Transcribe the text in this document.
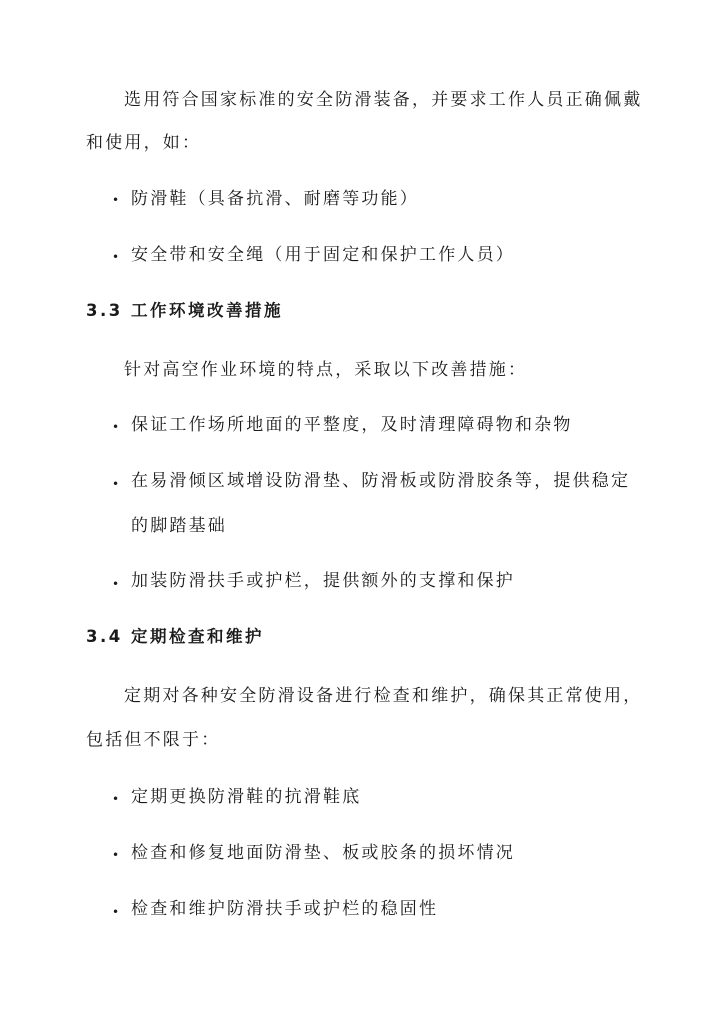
选用符合国家标准的安全防滑装备，并要求工作人员正确佩戴
和使用，如：
• 防滑鞋（具备抗滑、耐磨等功能）
• 安全带和安全绳（用于固定和保护工作人员）
3.3 工作环境改善措施
针对高空作业环境的特点，采取以下改善措施：
• 保证工作场所地面的平整度，及时清理障碍物和杂物
• 在易滑倾区域增设防滑垫、防滑板或防滑胶条等，提供稳定
的脚踏基础
• 加装防滑扶手或护栏，提供额外的支撑和保护
3.4 定期检查和维护
定期对各种安全防滑设备进行检查和维护，确保其正常使用，
包括但不限于：
• 定期更换防滑鞋的抗滑鞋底
• 检查和修复地面防滑垫、板或胶条的损坏情况
• 检查和维护防滑扶手或护栏的稳固性
